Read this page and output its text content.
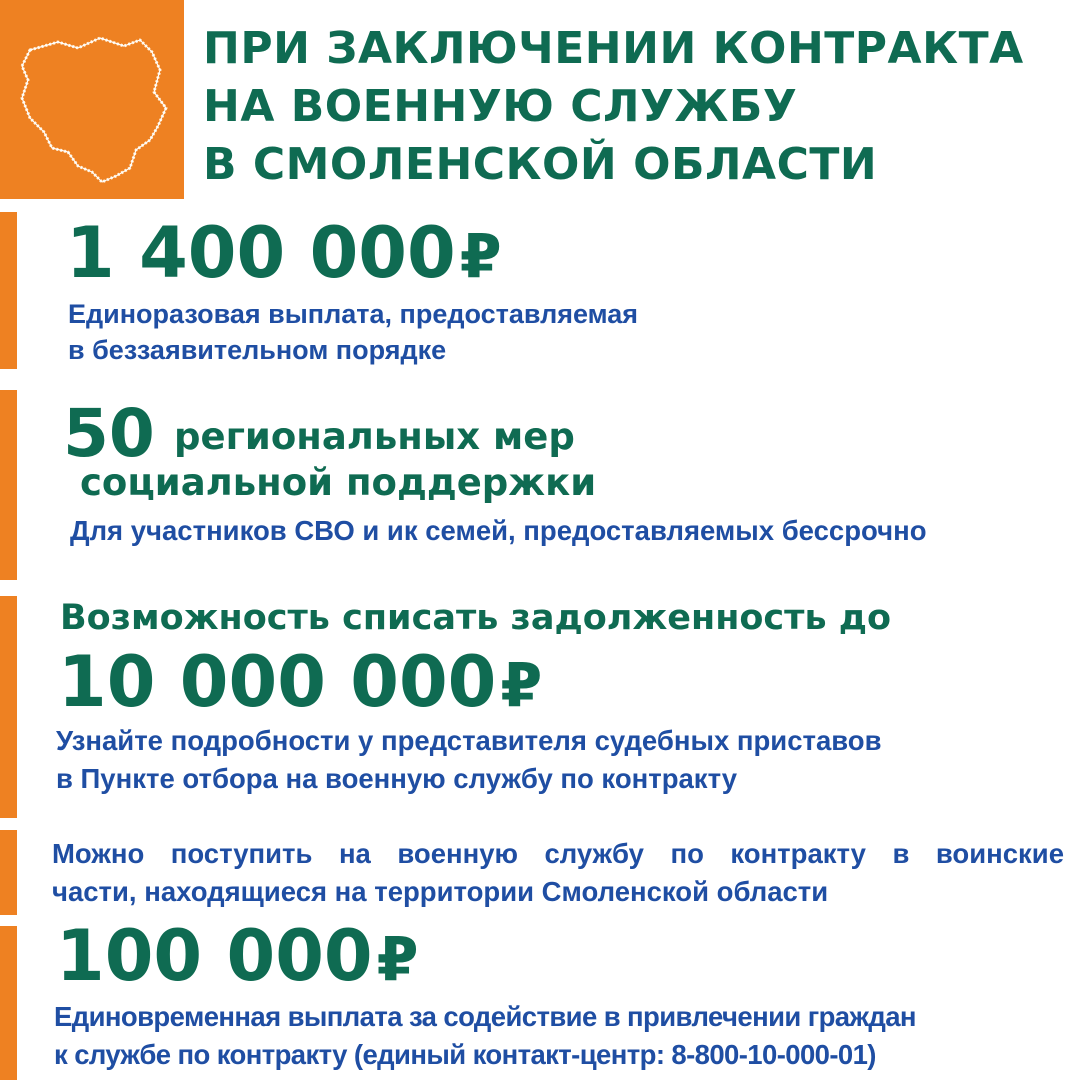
ПРИ ЗАКЛЮЧЕНИИ КОНТРАКТА
НА ВОЕННУЮ СЛУЖБУ
В СМОЛЕНСКОЙ ОБЛАСТИ
1 400 000₽
Единоразовая выплата, предоставляемая
в беззаявительном порядке
50 региональных мер
социальной поддержки
Для участников СВО и ик семей, предоставляемых бессрочно
Возможность списать задолженность до
10 000 000₽
Узнайте подробности у представителя судебных приставов
в Пункте отбора на военную службу по контракту
Можно поступить на военную службу по контракту в воинские
части, находящиеся на территории Смоленской области
100 000₽
Единовременная выплата за содействие в привлечении граждан
к службе по контракту (единый контакт-центр: 8-800-10-000-01)
